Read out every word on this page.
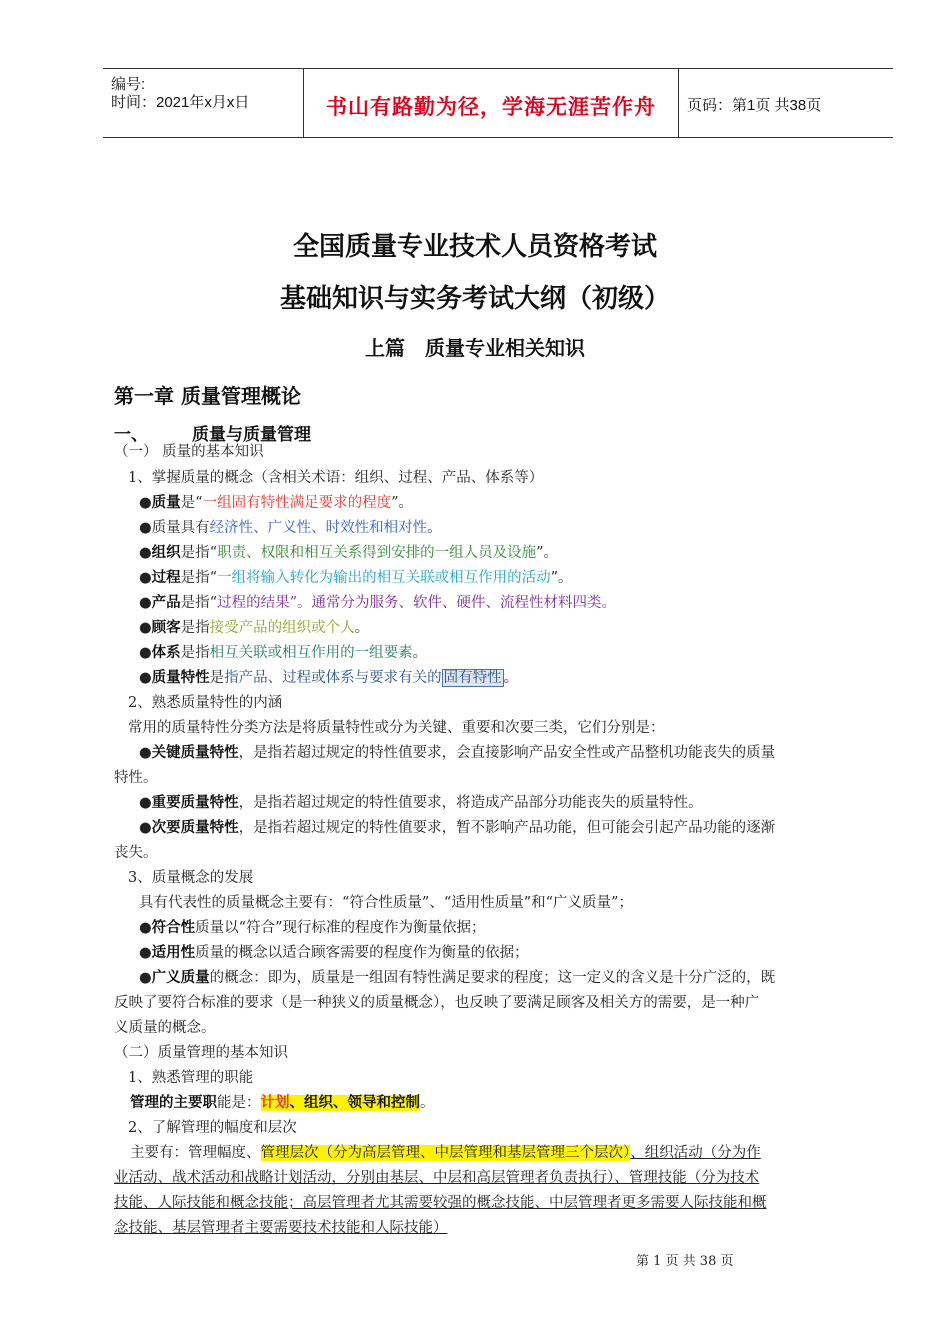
编号:
时间：2021年x月x日	书山有路勤为径，学海无涯苦作舟	页码：第1页 共38页
全国质量专业技术人员资格考试
基础知识与实务考试大纲（初级）
上篇　质量专业相关知识
第一章 质量管理概论
一、	质量与质量管理
（一） 质量的基本知识
1、掌握质量的概念（含相关术语：组织、过程、产品、体系等）
●质量是“一组固有特性满足要求的程度”。
●质量具有经济性、广义性、时效性和相对性。
●组织是指“职责、权限和相互关系得到安排的一组人员及设施”。
●过程是指“一组将输入转化为输出的相互关联或相互作用的活动”。
●产品是指“过程的结果”。通常分为服务、软件、硬件、流程性材料四类。
●顾客是指接受产品的组织或个人。
●体系是指相互关联或相互作用的一组要素。
●质量特性是指产品、过程或体系与要求有关的 固有特性 。
2、熟悉质量特性的内涵
常用的质量特性分类方法是将质量特性或分为关键、重要和次要三类，它们分别是：
●关键质量特性，是指若超过规定的特性值要求，会直接影响产品安全性或产品整机功能丧失的质量
特性。
●重要质量特性，是指若超过规定的特性值要求，将造成产品部分功能丧失的质量特性。
●次要质量特性，是指若超过规定的特性值要求，暂不影响产品功能，但可能会引起产品功能的逐渐
丧失。
3、质量概念的发展
具有代表性的质量概念主要有：“符合性质量”、“适用性质量”和“广义质量”；
●符合性质量以“符合”现行标准的程度作为衡量依据；
●适用性质量的概念以适合顾客需要的程度作为衡量的依据；
●广义质量的概念：即为，质量是一组固有特性满足要求的程度；这一定义的含义是十分广泛的，既
反映了要符合标准的要求（是一种狭义的质量概念），也反映了要满足顾客及相关方的需要，是一种广
义质量的概念。
（二）质量管理的基本知识
1、熟悉管理的职能
管理的主要职能是：计划、组织、领导和控制。
2、了解管理的幅度和层次
主要有：管理幅度、管理层次（分为高层管理、中层管理和基层管理三个层次）、组织活动（分为作
业活动、战术活动和战略计划活动，分别由基层、中层和高层管理者负责执行）、管理技能（分为技术
技能、人际技能和概念技能；高层管理者尤其需要较强的概念技能、中层管理者更多需要人际技能和概
念技能、基层管理者主要需要技术技能和人际技能）
第 1 页 共 38 页
